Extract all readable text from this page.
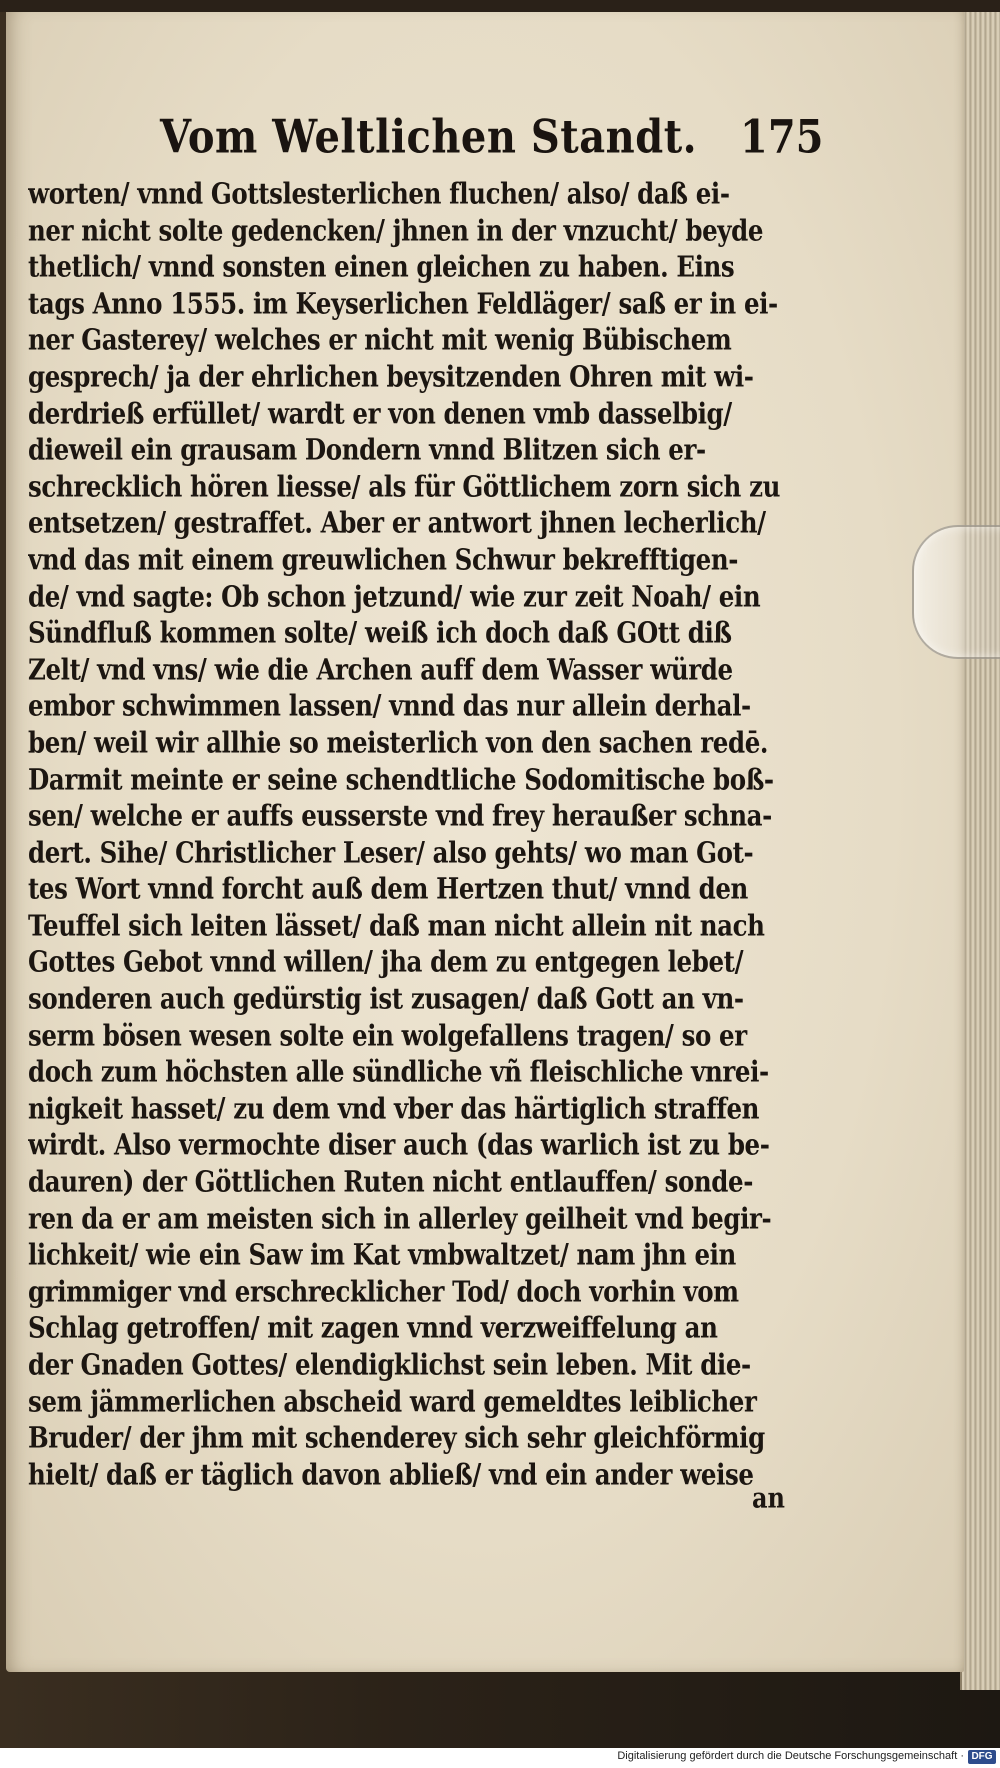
Vom Weltlichen Standt. 175
worten/ vnnd Gottslesterlichen fluchen/ also/ daß ei-
ner nicht solte gedencken/ jhnen in der vnzucht/ beyde
thetlich/ vnnd sonsten einen gleichen zu haben. Eins
tags Anno 1555. im Keyserlichen Feldläger/ saß er in ei-
ner Gasterey/ welches er nicht mit wenig Bübischem
gesprech/ ja der ehrlichen beysitzenden Ohren mit wi-
derdrieß erfüllet/ wardt er von denen vmb dasselbig/
dieweil ein grausam Dondern vnnd Blitzen sich er-
schrecklich hören liesse/ als für Göttlichem zorn sich zu
entsetzen/ gestraffet. Aber er antwort jhnen lecherlich/
vnd das mit einem greuwlichen Schwur bekrefftigen-
de/ vnd sagte: Ob schon jetzund/ wie zur zeit Noah/ ein
Sündfluß kommen solte/ weiß ich doch daß GOtt diß
Zelt/ vnd vns/ wie die Archen auff dem Wasser würde
embor schwimmen lassen/ vnnd das nur allein derhal-
ben/ weil wir allhie so meisterlich von den sachen redē.
Darmit meinte er seine schendtliche Sodomitische boß-
sen/ welche er auffs eusserste vnd frey heraußer schna-
dert. Sihe/ Christlicher Leser/ also gehts/ wo man Got-
tes Wort vnnd forcht auß dem Hertzen thut/ vnnd den
Teuffel sich leiten lässet/ daß man nicht allein nit nach
Gottes Gebot vnnd willen/ jha dem zu entgegen lebet/
sonderen auch gedürstig ist zusagen/ daß Gott an vn-
serm bösen wesen solte ein wolgefallens tragen/ so er
doch zum höchsten alle sündliche vñ fleischliche vnrei-
nigkeit hasset/ zu dem vnd vber das härtiglich straffen
wirdt. Also vermochte diser auch (das warlich ist zu be-
dauren) der Göttlichen Ruten nicht entlauffen/ sonde-
ren da er am meisten sich in allerley geilheit vnd begir-
lichkeit/ wie ein Saw im Kat vmbwaltzet/ nam jhn ein
grimmiger vnd erschrecklicher Tod/ doch vorhin vom
Schlag getroffen/ mit zagen vnnd verzweiffelung an
der Gnaden Gottes/ elendigklichst sein leben. Mit die-
sem jämmerlichen abscheid ward gemeldtes leiblicher
Bruder/ der jhm mit schenderey sich sehr gleichförmig
hielt/ daß er täglich davon abließ/ vnd ein ander weise
an
Digitalisierung gefördert durch die Deutsche Forschungsgemeinschaft · DFG
